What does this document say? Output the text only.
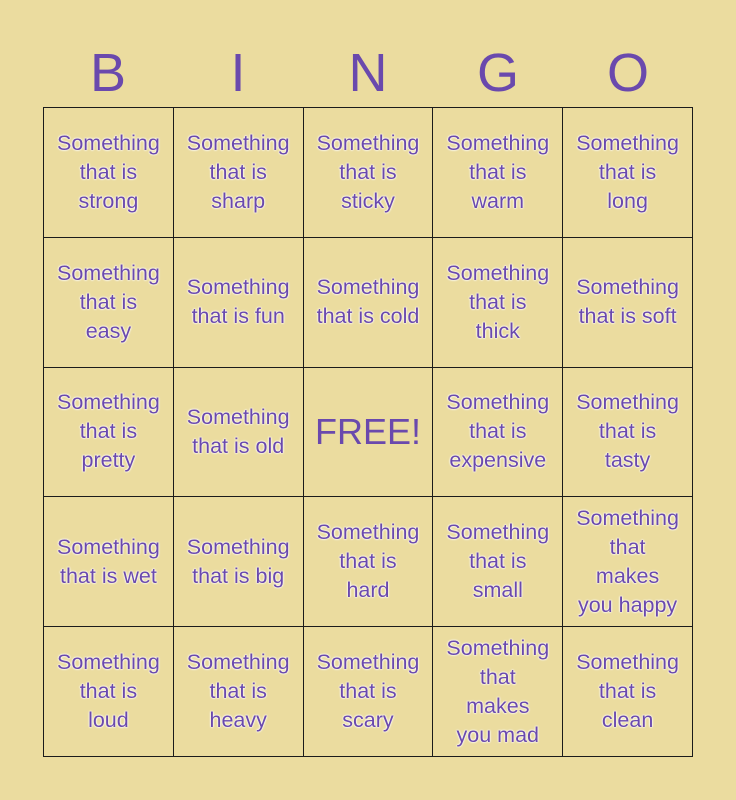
B	I	N	G	O
Something
that is
strong
Something
that is
sharp
Something
that is
sticky
Something
that is
warm
Something
that is
long
Something
that is
easy
Something
that is fun
Something
that is cold
Something
that is
thick
Something
that is soft
Something
that is
pretty
Something
that is old FREE!
Something
that is
expensive
Something
that is
tasty
Something
that is wet
Something
that is big
Something
that is
hard
Something
that is
small
Something
that
makes
you happy
Something
that is
loud
Something
that is
heavy
Something
that is
scary
Something
that
makes
you mad
Something
that is
clean
